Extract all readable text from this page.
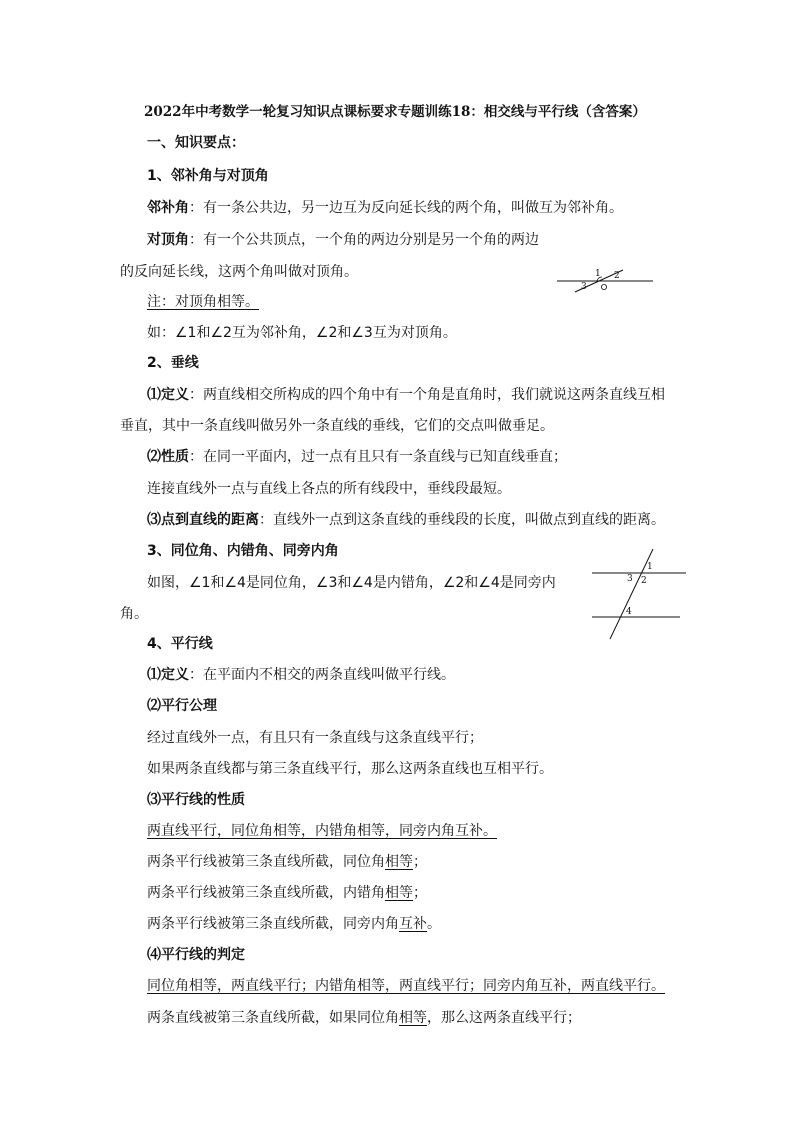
2022年中考数学一轮复习知识点课标要求专题训练18：相交线与平行线（含答案）
一、知识要点：
1、邻补角与对顶角
邻补角：有一条公共边，另一边互为反向延长线的两个角，叫做互为邻补角。
对顶角：有一个公共顶点，一个角的两边分别是另一个角的两边
的反向延长线，这两个角叫做对顶角。
注：对顶角相等。
如：∠1和∠2互为邻补角，∠2和∠3互为对顶角。
1 2
3
2、垂线
⑴定义：两直线相交所构成的四个角中有一个角是直角时，我们就说这两条直线互相
垂直，其中一条直线叫做另外一条直线的垂线，它们的交点叫做垂足。
⑵性质：在同一平面内，过一点有且只有一条直线与已知直线垂直；
连接直线外一点与直线上各点的所有线段中，垂线段最短。
⑶点到直线的距离：直线外一点到这条直线的垂线段的长度，叫做点到直线的距离。
3、同位角、内错角、同旁内角
如图，∠1和∠4是同位角，∠3和∠4是内错角，∠2和∠4是同旁内
角。
1
3 2
4
4、平行线
⑴定义：在平面内不相交的两条直线叫做平行线。
⑵平行公理
经过直线外一点，有且只有一条直线与这条直线平行；
如果两条直线都与第三条直线平行，那么这两条直线也互相平行。
⑶平行线的性质
两直线平行，同位角相等，内错角相等，同旁内角互补。
两条平行线被第三条直线所截，同位角相等；
两条平行线被第三条直线所截，内错角相等；
两条平行线被第三条直线所截，同旁内角互补。
⑷平行线的判定
同位角相等，两直线平行；内错角相等，两直线平行；同旁内角互补，两直线平行。
两条直线被第三条直线所截，如果同位角相等，那么这两条直线平行；
